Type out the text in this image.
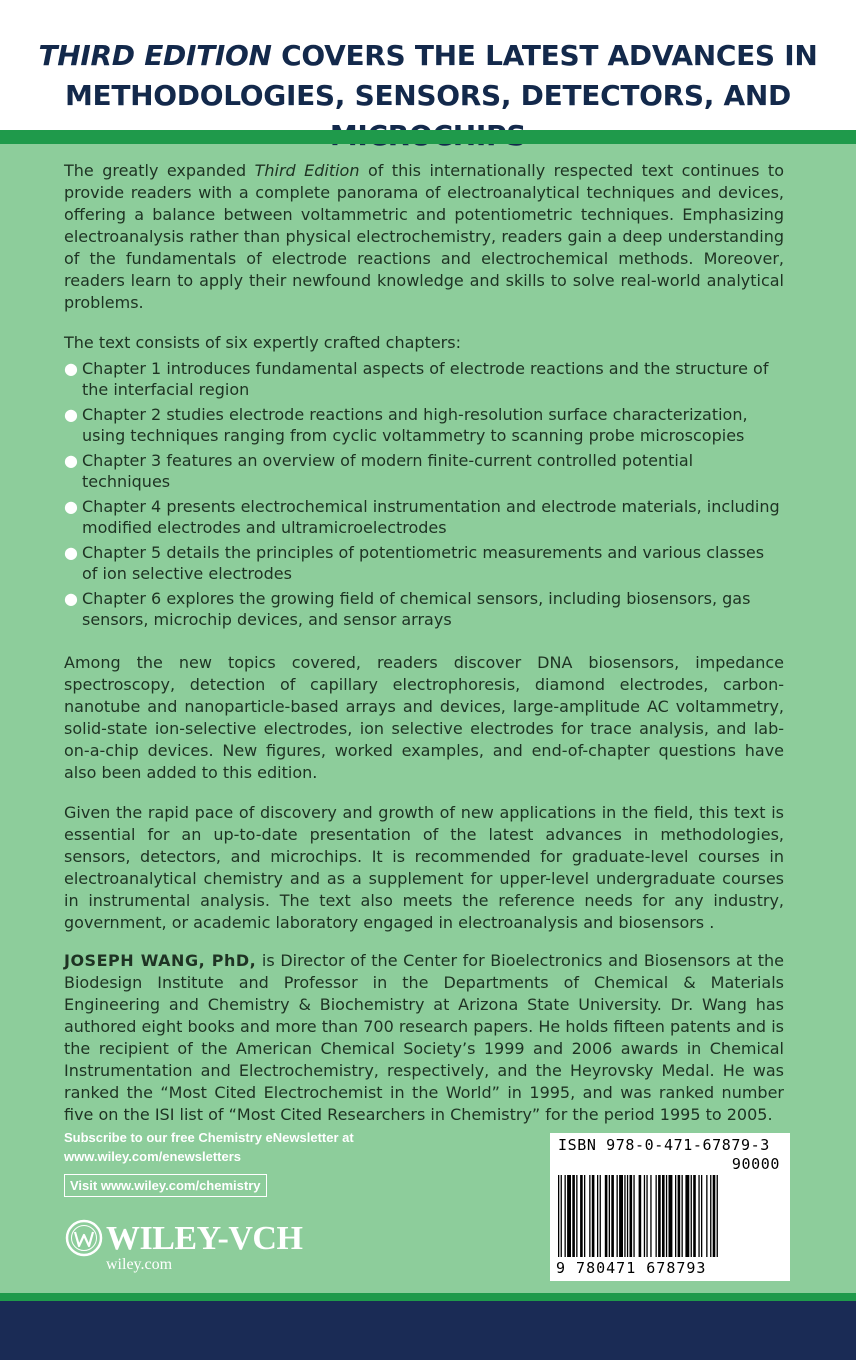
THIRD EDITION COVERS THE LATEST ADVANCES IN
METHODOLOGIES, SENSORS, DETECTORS, AND

The greatly expanded Third Edition of this internationally respected text continues to provide readers with a complete panorama of electroanalytical techniques and devices, offering a balance between voltammetric and potentiometric techniques. Emphasizing electroanalysis rather than physical electrochemistry, readers gain a deep understanding of the fundamentals of electrode reactions and electrochemical methods. Moreover, readers learn to apply their newfound knowledge and skills to solve real-world analytical problems.

The text consists of six expertly crafted chapters:

● Chapter 1 introduces fundamental aspects of electrode reactions and the structure of the interfacial region
● Chapter 2 studies electrode reactions and high-resolution surface characterization, using techniques ranging from cyclic voltammetry to scanning probe microscopies
● Chapter 3 features an overview of modern finite-current controlled potential techniques
● Chapter 4 presents electrochemical instrumentation and electrode materials, including modified electrodes and ultramicroelectrodes
● Chapter 5 details the principles of potentiometric measurements and various classes of ion selective electrodes
● Chapter 6 explores the growing field of chemical sensors, including biosensors, gas sensors, microchip devices, and sensor arrays

Among the new topics covered, readers discover DNA biosensors, impedance spectroscopy, detection of capillary electrophoresis, diamond electrodes, carbon-nanotube and nanoparticle-based arrays and devices, large-amplitude AC voltammetry, solid-state ion-selective electrodes, ion selective electrodes for trace analysis, and lab-on-a-chip devices. New figures, worked examples, and end-of-chapter questions have also been added to this edition.

Given the rapid pace of discovery and growth of new applications in the field, this text is essential for an up-to-date presentation of the latest advances in methodologies, sensors, detectors, and microchips. It is recommended for graduate-level courses in electroanalytical chemistry and as a supplement for upper-level undergraduate courses in instrumental analysis. The text also meets the reference needs for any industry, government, or academic laboratory engaged in electroanalysis and biosensors .

JOSEPH WANG, PhD, is Director of the Center for Bioelectronics and Biosensors at the Biodesign Institute and Professor in the Departments of Chemical & Materials Engineering and Chemistry & Biochemistry at Arizona State University. Dr. Wang has authored eight books and more than 700 research papers. He holds fifteen patents and is the recipient of the American Chemical Society’s 1999 and 2006 awards in Chemical Instrumentation and Electrochemistry, respectively, and the Heyrovsky Medal. He was ranked the “Most Cited Electrochemist in the World” in 1995, and was ranked number five on the ISI list of “Most Cited Researchers in Chemistry” for the period 1995 to 2005.

Subscribe to our free Chemistry eNewsletter at
www.wiley.com/enewsletters
Visit www.wiley.com/chemistry
WILEY-VCH
wiley.com
ISBN 978-0-471-67879-3
90000
9 780471 678793
